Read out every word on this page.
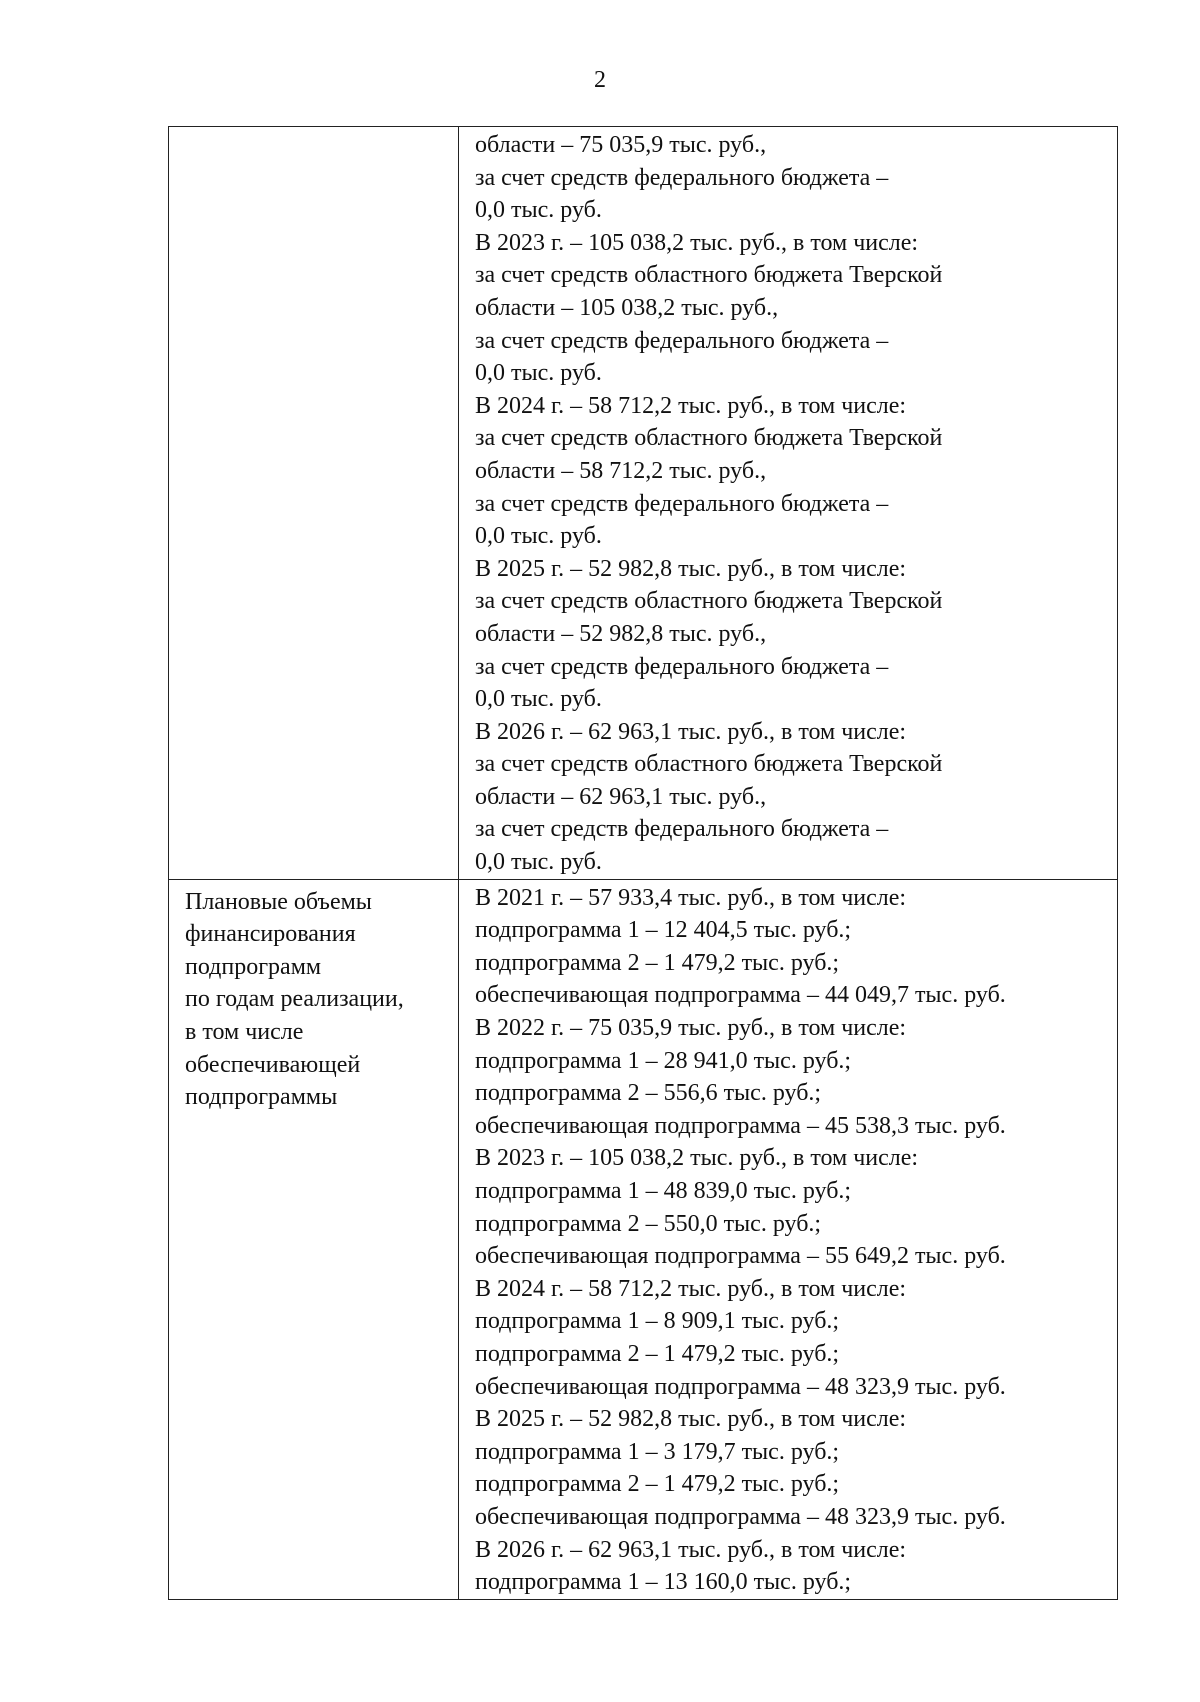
2
области – 75 035,9 тыс. руб.,
за счет средств федерального бюджета –
0,0 тыс. руб.
В 2023 г. – 105 038,2 тыс. руб., в том числе:
за счет средств областного бюджета Тверской
области – 105 038,2 тыс. руб.,
за счет средств федерального бюджета –
0,0 тыс. руб.
В 2024 г. – 58 712,2 тыс. руб., в том числе:
за счет средств областного бюджета Тверской
области – 58 712,2 тыс. руб.,
за счет средств федерального бюджета –
0,0 тыс. руб.
В 2025 г. – 52 982,8 тыс. руб., в том числе:
за счет средств областного бюджета Тверской
области – 52 982,8 тыс. руб.,
за счет средств федерального бюджета –
0,0 тыс. руб.
В 2026 г. – 62 963,1 тыс. руб., в том числе:
за счет средств областного бюджета Тверской
области – 62 963,1 тыс. руб.,
за счет средств федерального бюджета –
0,0 тыс. руб.
Плановые объемы
финансирования
подпрограмм
по годам реализации,
в том числе
обеспечивающей
подпрограммы
В 2021 г. – 57 933,4 тыс. руб., в том числе:
подпрограмма 1 – 12 404,5 тыс. руб.;
подпрограмма 2 – 1 479,2 тыс. руб.;
обеспечивающая подпрограмма – 44 049,7 тыс. руб.
В 2022 г. – 75 035,9 тыс. руб., в том числе:
подпрограмма 1 – 28 941,0 тыс. руб.;
подпрограмма 2 – 556,6 тыс. руб.;
обеспечивающая подпрограмма – 45 538,3 тыс. руб.
В 2023 г. – 105 038,2 тыс. руб., в том числе:
подпрограмма 1 – 48 839,0 тыс. руб.;
подпрограмма 2 – 550,0 тыс. руб.;
обеспечивающая подпрограмма – 55 649,2 тыс. руб.
В 2024 г. – 58 712,2 тыс. руб., в том числе:
подпрограмма 1 – 8 909,1 тыс. руб.;
подпрограмма 2 – 1 479,2 тыс. руб.;
обеспечивающая подпрограмма – 48 323,9 тыс. руб.
В 2025 г. – 52 982,8 тыс. руб., в том числе:
подпрограмма 1 – 3 179,7 тыс. руб.;
подпрограмма 2 – 1 479,2 тыс. руб.;
обеспечивающая подпрограмма – 48 323,9 тыс. руб.
В 2026 г. – 62 963,1 тыс. руб., в том числе:
подпрограмма 1 – 13 160,0 тыс. руб.;
